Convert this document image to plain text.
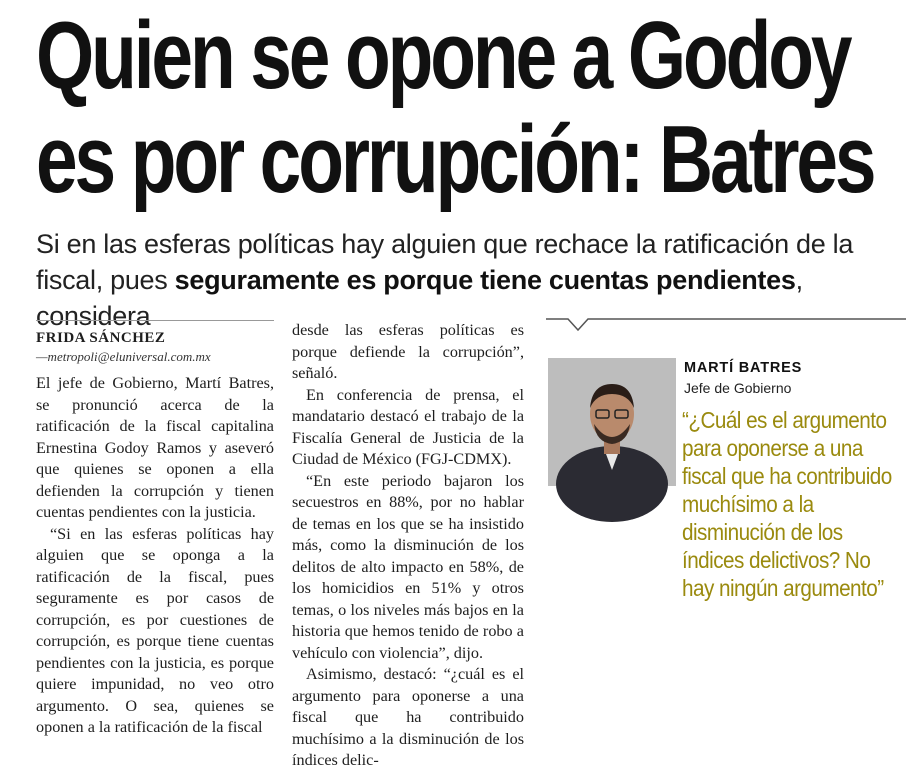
Quien se opone a Godoy
es por corrupción: Batres
Si en las esferas políticas hay alguien que rechace la ratificación de la fiscal, pues seguramente es porque tiene cuentas pendientes, considera
FRIDA SÁNCHEZ
—metropoli@eluniversal.com.mx

El jefe de Gobierno, Martí Batres, se pronunció acerca de la ratificación de la fiscal capitalina Ernestina Godoy Ramos y aseveró que quienes se oponen a ella defienden la corrupción y tienen cuentas pendientes con la justicia.

“Si en las esferas políticas hay alguien que se oponga a la ratificación de la fiscal, pues seguramente es por casos de corrupción, es por cuestiones de corrupción, es porque tiene cuentas pendientes con la justicia, es porque quiere impunidad, no veo otro argumento. O sea, quienes se oponen a la ratificación de la fiscal

desde las esferas políticas es porque defiende la corrupción”, señaló.

En conferencia de prensa, el mandatario destacó el trabajo de la Fiscalía General de Justicia de la Ciudad de México (FGJ-CDMX).

“En este periodo bajaron los secuestros en 88%, por no hablar de temas en los que se ha insistido más, como la disminución de los delitos de alto impacto en 58%, de los homicidios en 51% y otros temas, o los niveles más bajos en la historia que hemos tenido de robo a vehículo con violencia”, dijo.

Asimismo, destacó: “¿cuál es el argumento para oponerse a una fiscal que ha contribuido muchísimo a la disminución de los índices delic-

MARTÍ BATRES
Jefe de Gobierno
“¿Cuál es el argumento para oponerse a una fiscal que ha contribuido muchísimo a la disminución de los índices delictivos? No hay ningún argumento”
